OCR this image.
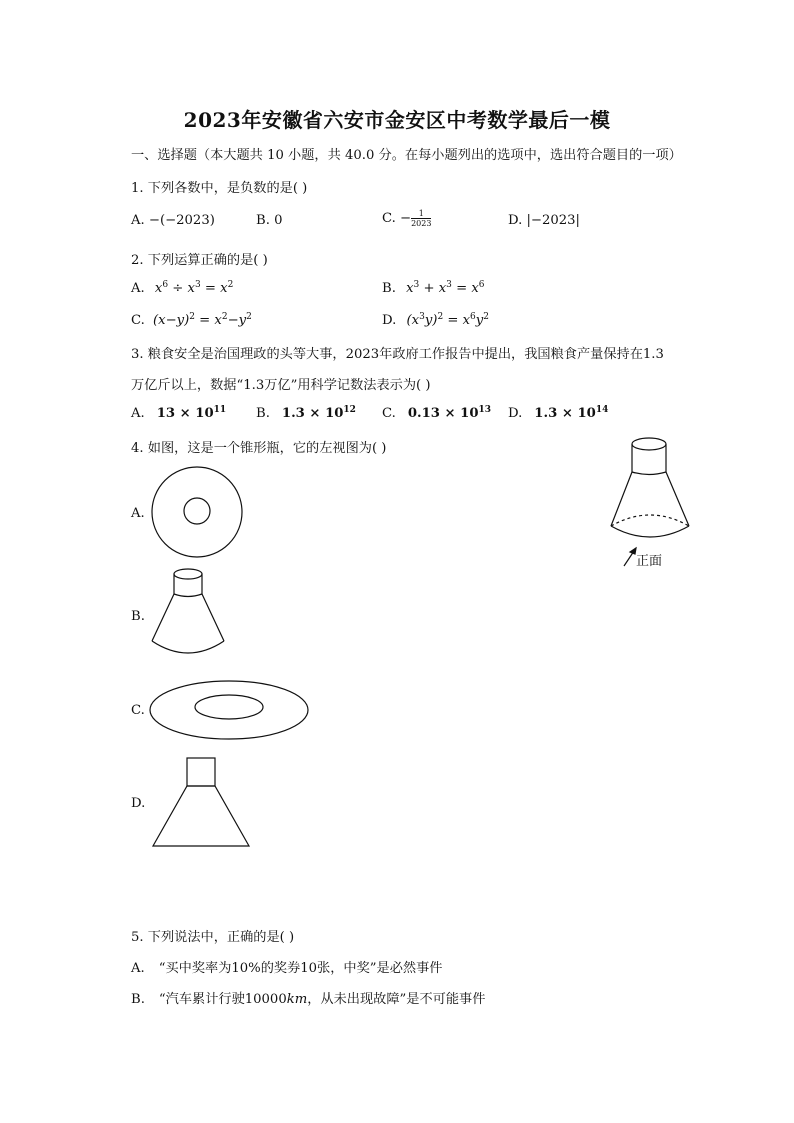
2023年安徽省六安市金安区中考数学最后一模
一、选择题（本大题共 10 小题，共 40.0 分。在每小题列出的选项中，选出符合题目的一项）
1. 下列各数中，是负数的是( )
A. −(−2023)	B. 0	C. − $\frac{1}{2023}$	D. |−2023|
2. 下列运算正确的是( )
A. $x^6 \div x^3 = x^2$	B. $x^3 + x^3 = x^6$
C. $(x-y)^2 = x^2-y^2$	D. $(x^3y)^2 = x^6y^2$
3. 粮食安全是治国理政的头等大事，2023年政府工作报告中提出，我国粮食产量保持在1.3
万亿斤以上，数据“1.3万亿”用科学记数法表示为( )
A. $13 \times 10^{11}$ B. $1.3 \times 10^{12}$ C. $0.13 \times 10^{13}$ D. $1.3 \times 10^{14}$
4. 如图，这是一个锥形瓶，它的左视图为( )
正面
A.
B.
C.
D.
5. 下列说法中，正确的是( )
A. “买中奖率为10%的奖券10张，中奖”是必然事件
B. “汽车累计行驶10000km，从未出现故障”是不可能事件
